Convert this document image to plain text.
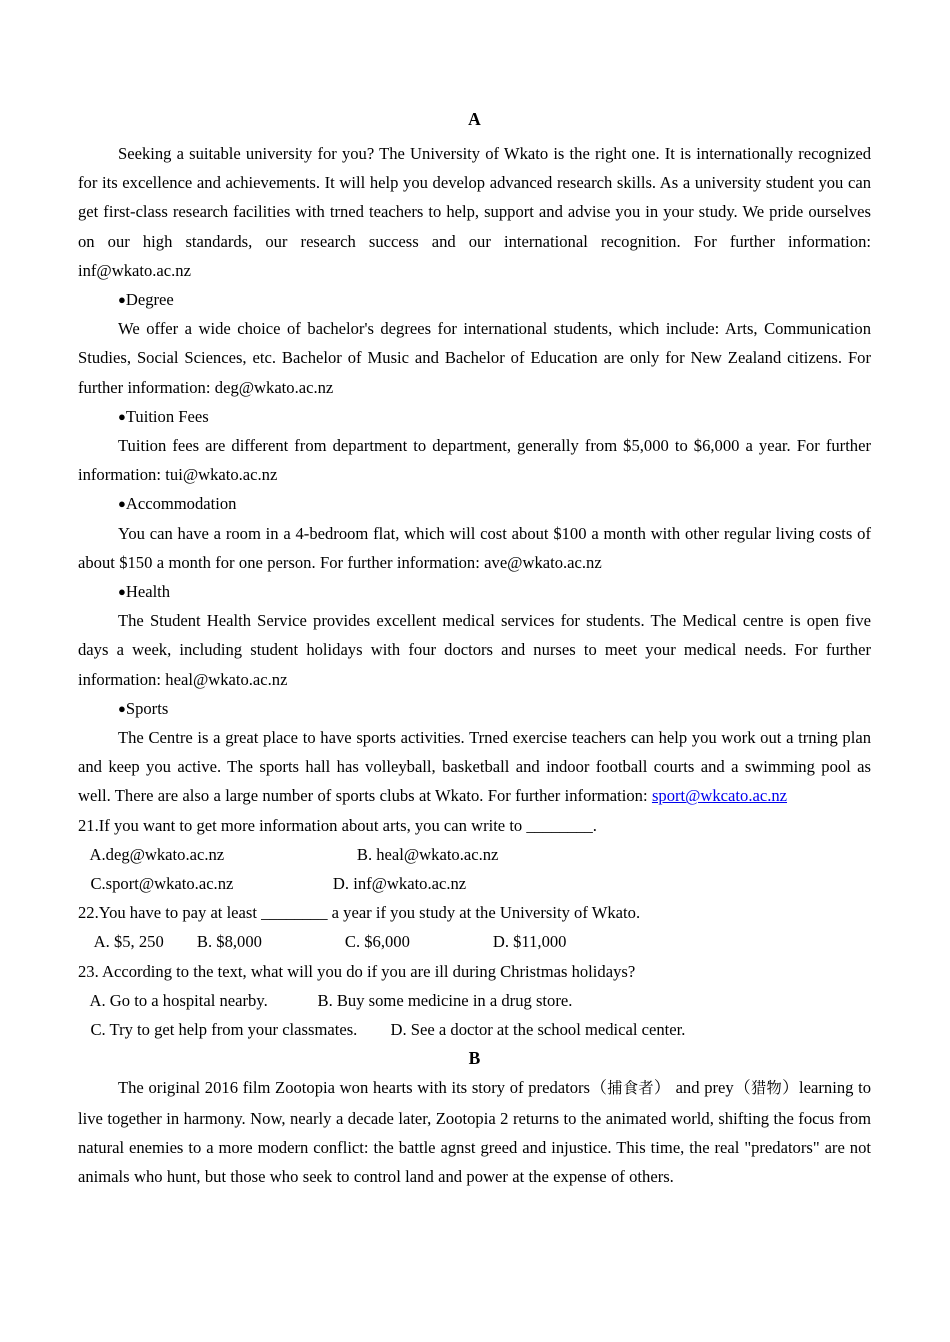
A

Seeking a suitable university for you? The University of Wkato is the right one. It is internationally recognized for its excellence and achievements. It will help you develop advanced research skills. As a university student you can get first-class research facilities with trned teachers to help, support and advise you in your study. We pride ourselves on our high standards, our research success and our international recognition. For further information: inf@wkato.ac.nz

●Degree

We offer a wide choice of bachelor's degrees for international students, which include: Arts, Communication Studies, Social Sciences, etc. Bachelor of Music and Bachelor of Education are only for New Zealand citizens. For further information: deg@wkato.ac.nz

●Tuition Fees

Tuition fees are different from department to department, generally from $5,000 to $6,000 a year. For further information: tui@wkato.ac.nz

●Accommodation

You can have a room in a 4-bedroom flat, which will cost about $100 a month with other regular living costs of about $150 a month for one person. For further information: ave@wkato.ac.nz

●Health

The Student Health Service provides excellent medical services for students. The Medical centre is open five days a week, including student holidays with four doctors and nurses to meet your medical needs. For further information: heal@wkato.ac.nz

●Sports

The Centre is a great place to have sports activities. Trned exercise teachers can help you work out a trning plan and keep you active. The sports hall has volleyball, basketball and indoor football courts and a swimming pool as well. There are also a large number of sports clubs at Wkato. For further information: sport@wkcato.ac.nz

21.If you want to get more information about arts, you can write to ________.

A.deg@wkato.ac.nz                                B. heal@wkato.ac.nz

C.sport@wkato.ac.nz                        D. inf@wkato.ac.nz

22.You have to pay at least ________ a year if you study at the University of Wkato.

A. $5, 250        B. $8,000                    C. $6,000                    D. $11,000

23. According to the text, what will you do if you are ill during Christmas holidays?

A. Go to a hospital nearby.            B. Buy some medicine in a drug store.

C. Try to get help from your classmates.        D. See a doctor at the school medical center.

B

The original 2016 film Zootopia won hearts with its story of predators（捕食者） and prey（猎物）learning to live together in harmony. Now, nearly a decade later, Zootopia 2 returns to the animated world, shifting the focus from natural enemies to a more modern conflict: the battle agnst greed and injustice. This time, the real "predators" are not animals who hunt, but those who seek to control land and power at the expense of others.
